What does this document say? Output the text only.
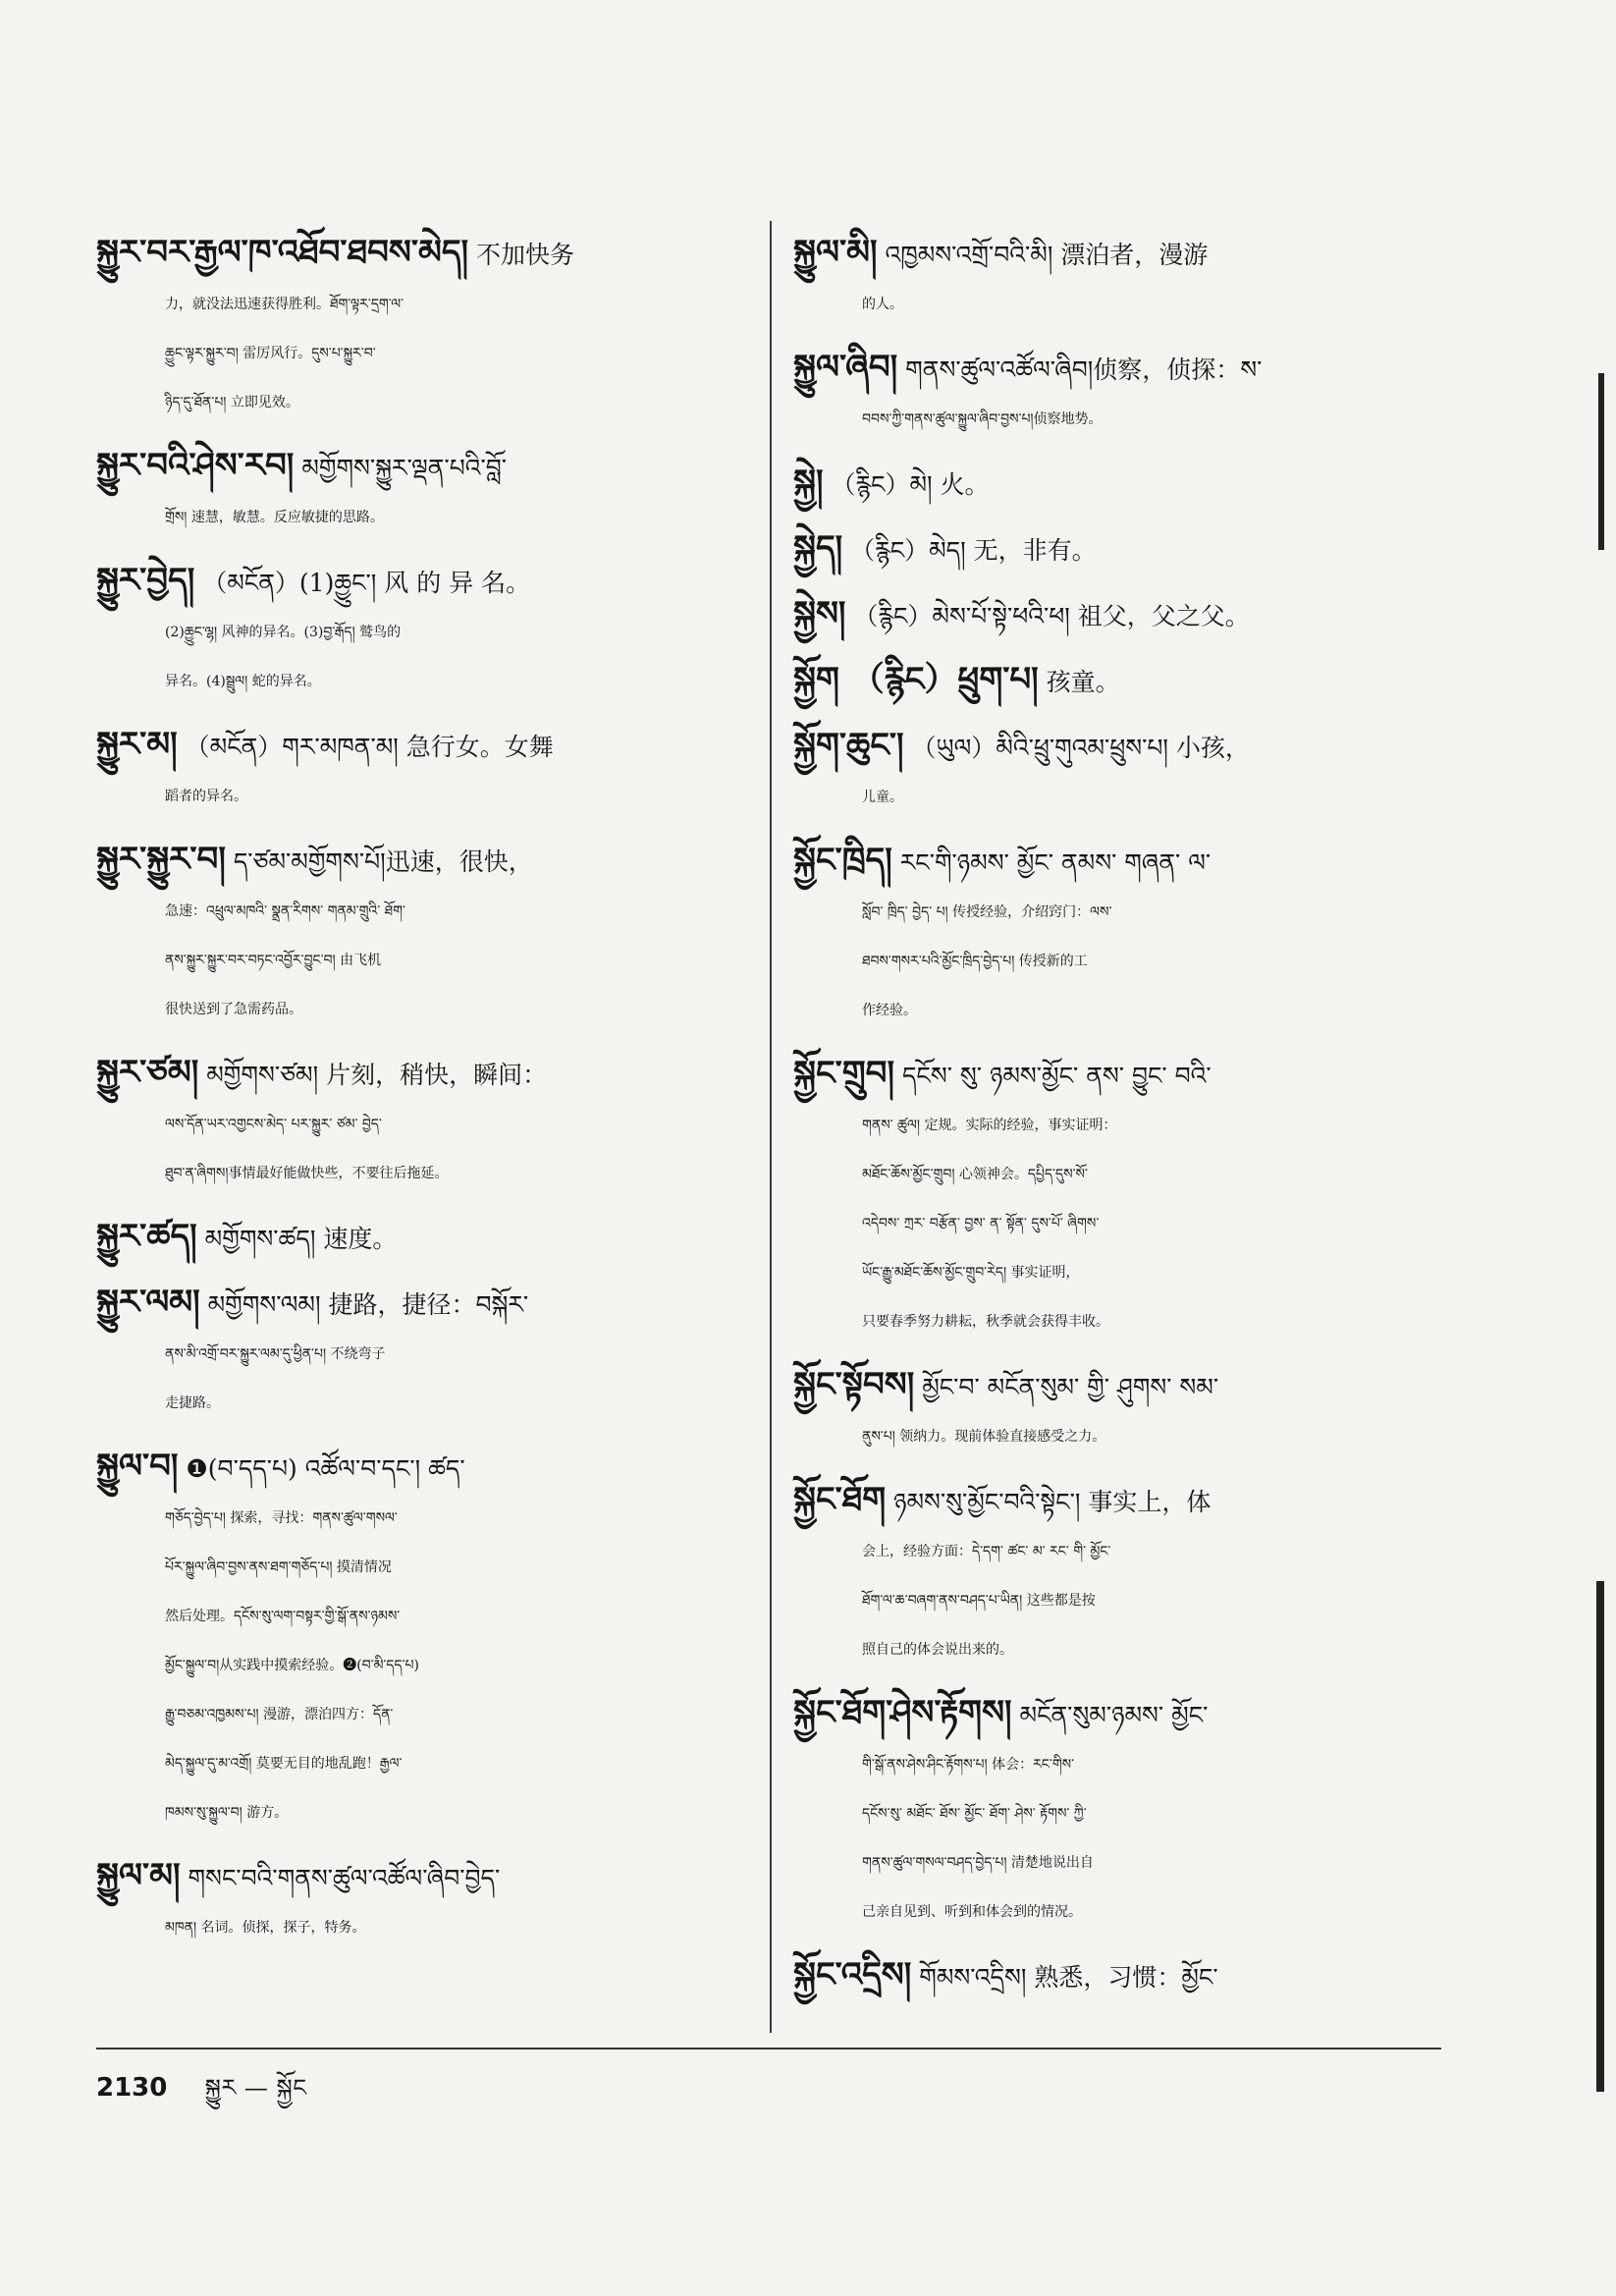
སྐྱུར་བར་རྒྱལ་ཁ་འཐོབ་ཐབས་མེད། 不加快务
力，就没法迅速获得胜利。ཐོག་ལྟར་དྲག་ལ་
ཆྱུང་ལྟར་སྐྱུར་བ། 雷厉风行。དུས་པ་སྐྱུར་བ་
ཉིད་དུ་ཐོན་པ། 立即见效。
སྐྱུར་བའི་ཤེས་རབ། མགྱོགས་སྐྱུར་ལྡན་པའི་བློ་
གྲོས། 速慧，敏慧。反应敏捷的思路。
སྐྱུར་བྱེད། （མངོན）(1)ཆྱུང་། 风 的 异 名。
(2)ཆྱུང་ལྷ། 风神的异名。(3)བྱ་རྒོད། 鹫鸟的
异名。(4)སྦྲུལ། 蛇的异名。
སྐྱུར་མ། （མངོན）གར་མཁན་མ། 急行女。女舞
蹈者的异名。
སྐྱུར་སྐྱུར་བ། ད་ཙམ་མགྱོགས་པོ།迅速，很快，
急速：འཕྲུལ་མཁའི་ སྣྲན་རིགས་ གནམ་གྲུའི་ ཐོག་
ནས་སྐྱུར་སྐྱུར་བར་བཏང་འབྱོར་བྱུང་བ། 由飞机
很快送到了急需药品。
སྐྱུར་ཙམ། མགྱོགས་ཙམ། 片刻，稍快，瞬间：
ལས་དོན་ཡར་འགྱངས་མེད་ པར་སྐྱུར་ ཙམ་ བྱེད་
ཐུབ་ན་ཞིགས།事情最好能做快些，不要往后拖延。
སྐྱུར་ཚད། མགྱོགས་ཚད། 速度。
སྐྱུར་ལམ། མགྱོགས་ལམ། 捷路，捷径：བསྐོར་
ནས་མི་འགྲོ་བར་སྐྱུར་ལམ་དུ་ཕྱིན་པ། 不绕弯子
走捷路。
སྐྱུལ་བ། ❶(བ་དད་པ) འཚོལ་བ་དང་། ཚད་
གཅོད་བྱེད་པ། 探索，寻找：གནས་ཚུལ་གསལ་
པོར་སྐྱུལ་ཞིབ་བྱས་ནས་ཐག་གཅོད་པ། 摸清情况
然后处理。དངོས་སུ་ལག་བསྟར་གྱི་སྒོ་ནས་ཉམས་
མྱོང་སྐྱུལ་བ།从实践中摸索经验。❷(བ་མི་དད་པ)
རྒྱུ་བཅམ་འཁྱམས་པ། 漫游，漂泊四方：དོན་
མེད་སྐྱུལ་དུ་མ་འགྲོ། 莫要无目的地乱跑！རྒྱལ་
ཁམས་སུ་སྐྱུལ་བ། 游方。
སྐྱུལ་མ། གསང་བའི་གནས་ཚུལ་འཚོལ་ཞིབ་བྱེད་
མཁན། 名词。侦探，探子，特务。
སྐྱུལ་མི། འཁྱམས་འགྲོ་བའི་མི། 漂泊者，漫游
的人。
སྐྱུལ་ཞིབ། གནས་ཚུལ་འཚོལ་ཞིབ།侦察，侦探：ས་
བབས་ཀྱི་གནས་ཚུལ་སྐྱུལ་ཞིབ་བྱས་པ།侦察地势。
སྐྱེ། （རྙིང）མེ། 火。
སྐྱེད། （རྙིང）མེད། 无，非有。
སྐྱེས། （རྙིང）མེས་པོ་སྟེ་ཕའི་ཕ། 祖父，父之父。
སྐྱོག （རྙིང）ཕྲུག་པ། 孩童。
སྐྱོག་ཆུང་། （ཡུལ）མིའི་ཕྲུ་གུའམ་ཕྲུས་པ། 小孩，
儿童。
སྐྱོང་ཁྲིད། རང་གི་ཉམས་ མྱོང་ ནམས་ གཞན་ ལ་
སློབ་ ཁྲིད་ བྱེད་ པ། 传授经验，介绍窍门：ལས་
ཐབས་གསར་པའི་མྱོང་ཁྲིད་བྱེད་པ། 传授新的工
作经验。
སྐྱོང་གྲུབ། དངོས་ སུ་ ཉམས་མྱོང་ ནས་ བྱུང་ བའི་
གནས་ ཚུལ། 定规。实际的经验，事实证明：
མཐོང་ཆོས་མྱོང་གྲུབ། 心领神会。དཔྱིད་དུས་སོ་
འདེབས་ ཀྲར་ བརྩོན་ བྱས་ ན་ སྟོན་ དུས་པོ་ ཞིགས་
ཡོང་རྒྱུ་མཐོང་ཆོས་མྱོང་གྲུབ་རེད། 事实证明，
只要春季努力耕耘，秋季就会获得丰收。
སྐྱོང་སྟོབས། མྱོང་བ་ མངོན་སུམ་ གྱི་ ཤུགས་ སམ་
ནུས་པ། 领纳力。现前体验直接感受之力。
སྐྱོང་ཐོག ཉམས་སུ་མྱོང་བའི་སྟེང་། 事实上，体
会上，经验方面：དེ་དག་ ཚང་ མ་ རང་ གི་ མྱོང་
ཐོག་ལ་ཆ་བཞག་ནས་བཤད་པ་ཡིན། 这些都是按
照自己的体会说出来的。
སྐྱོང་ཐོག་ཤེས་རྟོགས། མངོན་སུམ་ཉམས་ མྱོང་
གི་སྒོ་ནས་ཤེས་ཤིང་རྟོགས་པ། 体会：རང་གིས་
དངོས་སུ་ མཐོང་ ཐོས་ མྱོང་ ཐོག་ ཤེས་ རྟོགས་ ཀྱི་
གནས་ཚུལ་གསལ་བཤད་བྱེད་པ། 清楚地说出自
己亲自见到、听到和体会到的情况。
སྐྱོང་འདྲིས། གོམས་འདྲིས། 熟悉，习惯：མྱོང་
2130 སྐྱུར — སྐྱོང
